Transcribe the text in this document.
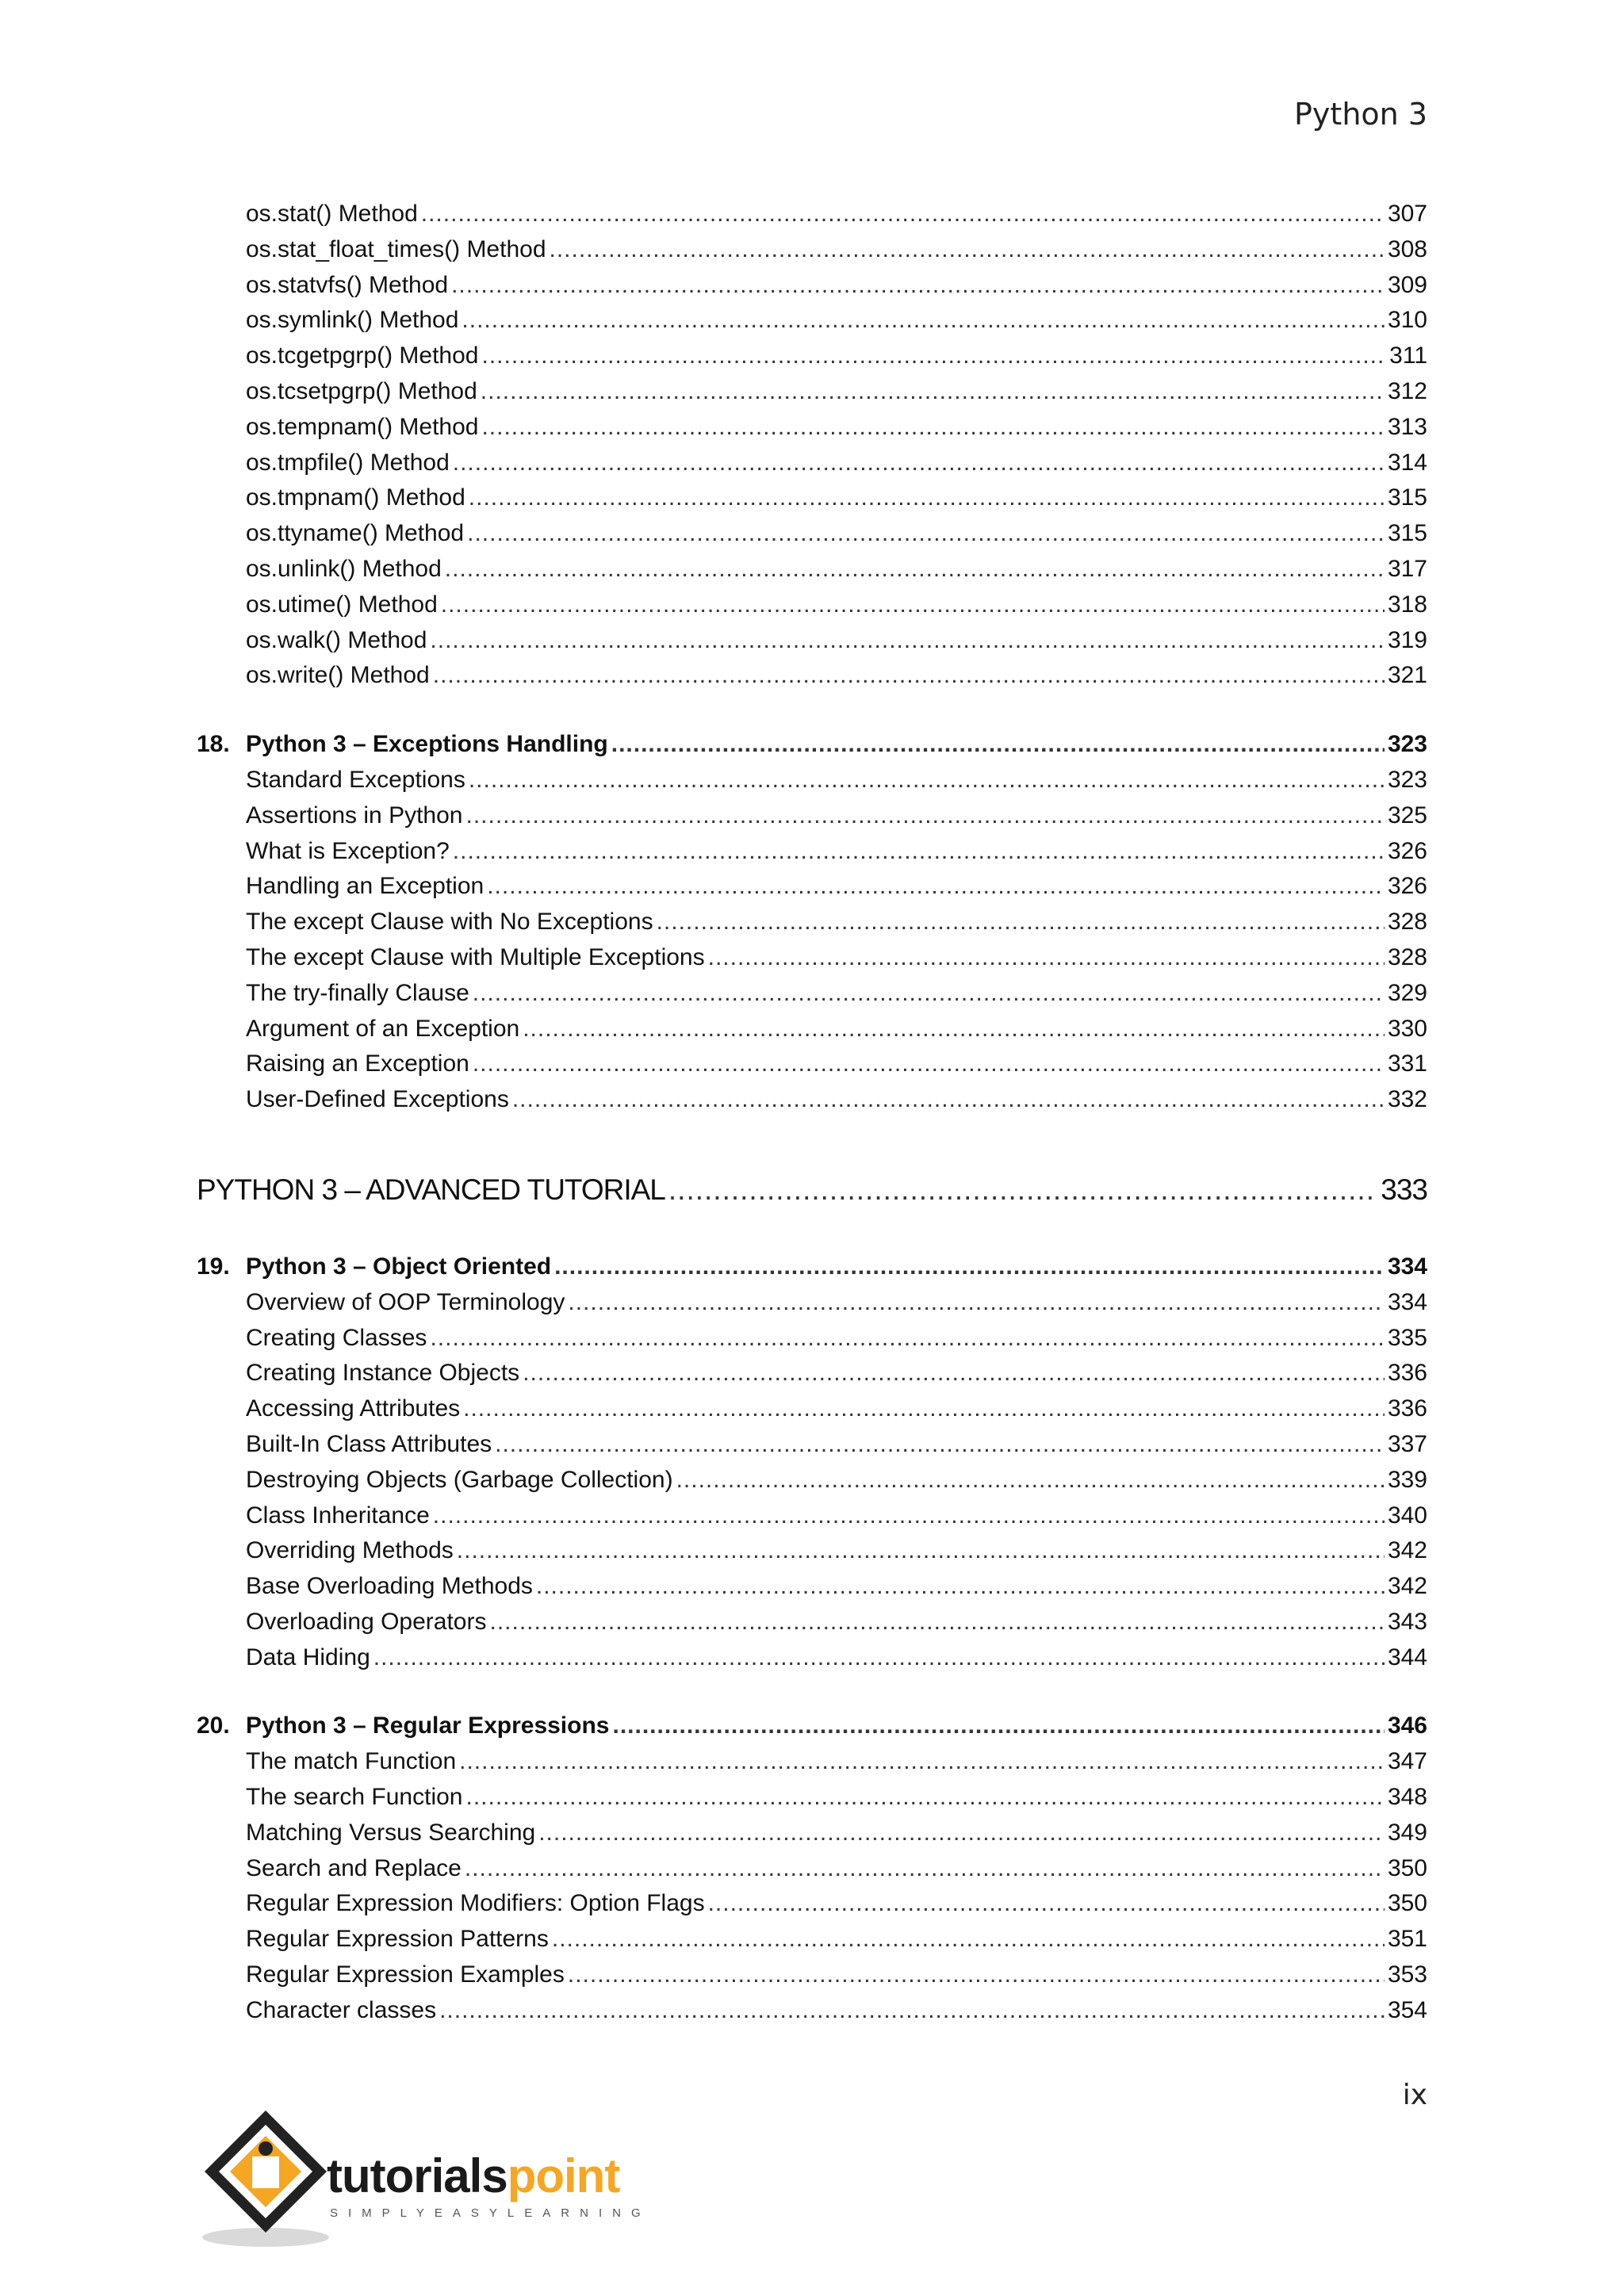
Python 3
os.stat() Method .....	307
os.stat_float_times() Method .....	308
os.statvfs() Method .....	309
os.symlink() Method .....	310
os.tcgetpgrp() Method .....	311
os.tcsetpgrp() Method .....	312
os.tempnam() Method .....	313
os.tmpfile() Method .....	314
os.tmpnam() Method .....	315
os.ttyname() Method .....	315
os.unlink() Method .....	317
os.utime() Method .....	318
os.walk() Method .....	319
os.write() Method .....	321
18. Python 3 – Exceptions Handling .....	323
Standard Exceptions .....	323
Assertions in Python .....	325
What is Exception? .....	326
Handling an Exception .....	326
The except Clause with No Exceptions .....	328
The except Clause with Multiple Exceptions .....	328
The try-finally Clause .....	329
Argument of an Exception .....	330
Raising an Exception .....	331
User-Defined Exceptions .....	332
PYTHON 3 – ADVANCED TUTORIAL .....	333
19. Python 3 – Object Oriented .....	334
Overview of OOP Terminology .....	334
Creating Classes .....	335
Creating Instance Objects .....	336
Accessing Attributes .....	336
Built-In Class Attributes .....	337
Destroying Objects (Garbage Collection) .....	339
Class Inheritance .....	340
Overriding Methods .....	342
Base Overloading Methods .....	342
Overloading Operators .....	343
Data Hiding .....	344
20. Python 3 – Regular Expressions .....	346
The match Function .....	347
The search Function .....	348
Matching Versus Searching .....	349
Search and Replace .....	350
Regular Expression Modifiers: Option Flags .....	350
Regular Expression Patterns .....	351
Regular Expression Examples .....	353
Character classes .....	354
ix
tutorialspoint
SIMPLYEASYLEARNING
